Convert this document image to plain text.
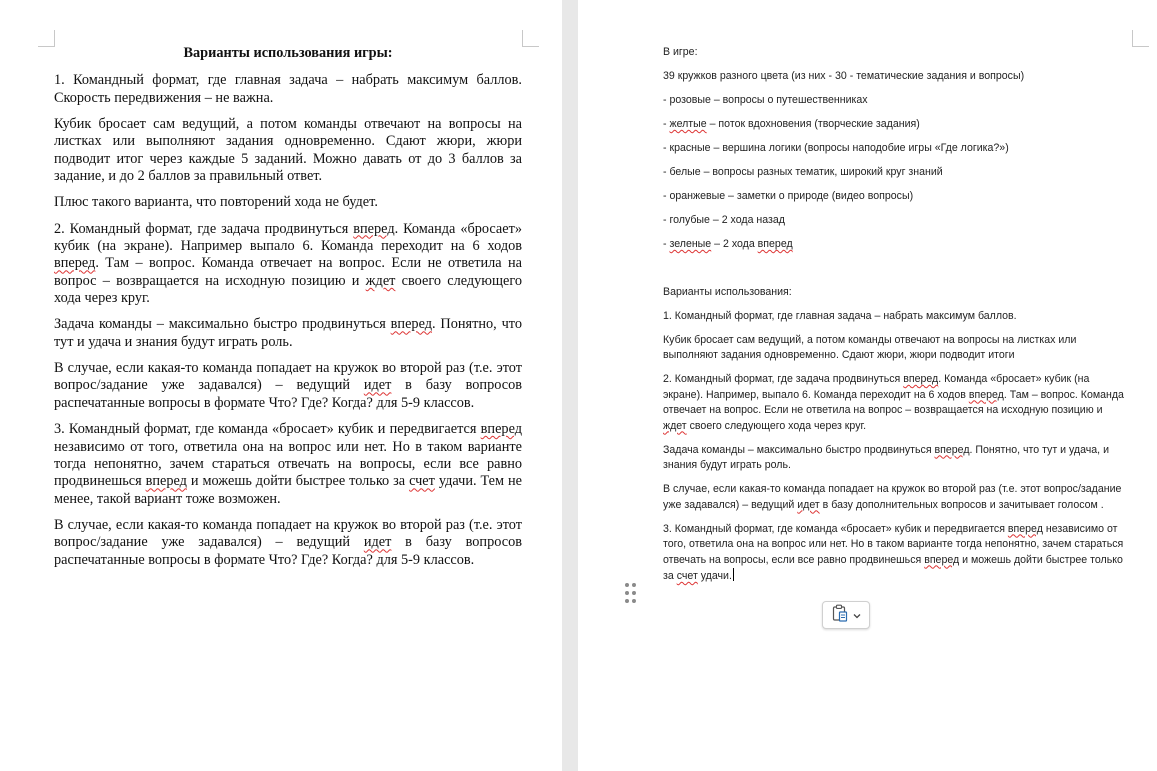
Варианты использования игры:

1. Командный формат, где главная задача – набрать максимум баллов. Скорость передвижения – не важна.

Кубик бросает сам ведущий, а потом команды отвечают на вопросы на листках или выполняют задания одновременно. Сдают жюри, жюри подводит итог через каждые 5 заданий. Можно давать от до 3 баллов за задание, и до 2 баллов за правильный ответ.

Плюс такого варианта, что повторений хода не будет.

2. Командный формат, где задача продвинуться вперед. Команда «бросает» кубик (на экране). Например выпало 6. Команда переходит на 6 ходов вперед. Там – вопрос. Команда отвечает на вопрос. Если не ответила на вопрос – возвращается на исходную позицию и ждет своего следующего хода через круг.

Задача команды – максимально быстро продвинуться вперед. Понятно, что тут и удача и знания будут играть роль.

В случае, если какая-то команда попадает на кружок во второй раз (т.е. этот вопрос/задание уже задавался) – ведущий идет в базу вопросов распечатанные вопросы в формате Что? Где? Когда? для 5-9 классов.

3. Командный формат, где команда «бросает» кубик и передвигается вперед независимо от того, ответила она на вопрос или нет. Но в таком варианте тогда непонятно, зачем стараться отвечать на вопросы, если все равно продвинешься вперед и можешь дойти быстрее только за счет удачи. Тем не менее, такой вариант тоже возможен.

В случае, если какая-то команда попадает на кружок во второй раз (т.е. этот вопрос/задание уже задавался) – ведущий идет в базу вопросов распечатанные вопросы в формате Что? Где? Когда? для 5-9 классов.

В игре:

39 кружков разного цвета (из них - 30 - тематические задания и вопросы)

- розовые – вопросы о путешественниках

- желтые – поток вдохновения (творческие задания)

- красные – вершина логики (вопросы наподобие игры «Где логика?»)

- белые – вопросы разных тематик, широкий круг знаний

- оранжевые – заметки о природе (видео вопросы)

- голубые – 2 хода назад

- зеленые – 2 хода вперед

Варианты использования:

1. Командный формат, где главная задача – набрать максимум баллов.

Кубик бросает сам ведущий, а потом команды отвечают на вопросы на листках или выполняют задания одновременно. Сдают жюри, жюри подводит итоги

2. Командный формат, где задача продвинуться вперед. Команда «бросает» кубик (на экране). Например, выпало 6. Команда переходит на 6 ходов вперед. Там – вопрос. Команда отвечает на вопрос. Если не ответила на вопрос – возвращается на исходную позицию и ждет своего следующего хода через круг.

Задача команды – максимально быстро продвинуться вперед. Понятно, что тут и удача, и знания будут играть роль.

В случае, если какая-то команда попадает на кружок во второй раз (т.е. этот вопрос/задание уже задавался) – ведущий идет в базу дополнительных вопросов и зачитывает голосом .

3. Командный формат, где команда «бросает» кубик и передвигается вперед независимо от того, ответила она на вопрос или нет. Но в таком варианте тогда непонятно, зачем стараться отвечать на вопросы, если все равно продвинешься вперед и можешь дойти быстрее только за счет удачи.
